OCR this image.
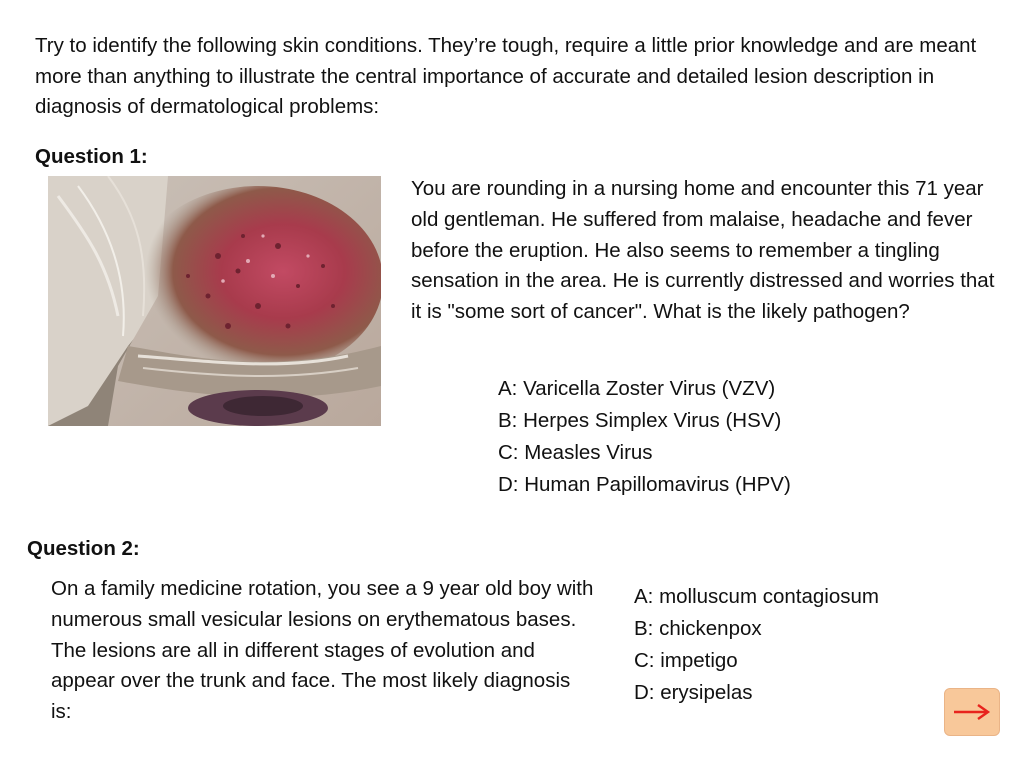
Try to identify the following skin conditions. They’re tough, require a little prior knowledge and are meant more than anything to illustrate the central importance of accurate and detailed lesion description in diagnosis of dermatological problems:

Question 1:

You are rounding in a nursing home and encounter this 71 year old gentleman. He suffered from malaise, headache and fever before the eruption. He also seems to remember a tingling sensation in the area. He is currently distressed and worries that it is "some sort of cancer". What is the likely pathogen?

A: Varicella Zoster Virus (VZV)
B: Herpes Simplex Virus (HSV)
C: Measles Virus
D: Human Papillomavirus (HPV)

Question 2:

On a family medicine rotation, you see a 9 year old boy with numerous small vesicular lesions on erythematous bases. The lesions are all in different stages of evolution and appear over the trunk and face. The most likely diagnosis is:

A: molluscum contagiosum
B: chickenpox
C: impetigo
D: erysipelas
